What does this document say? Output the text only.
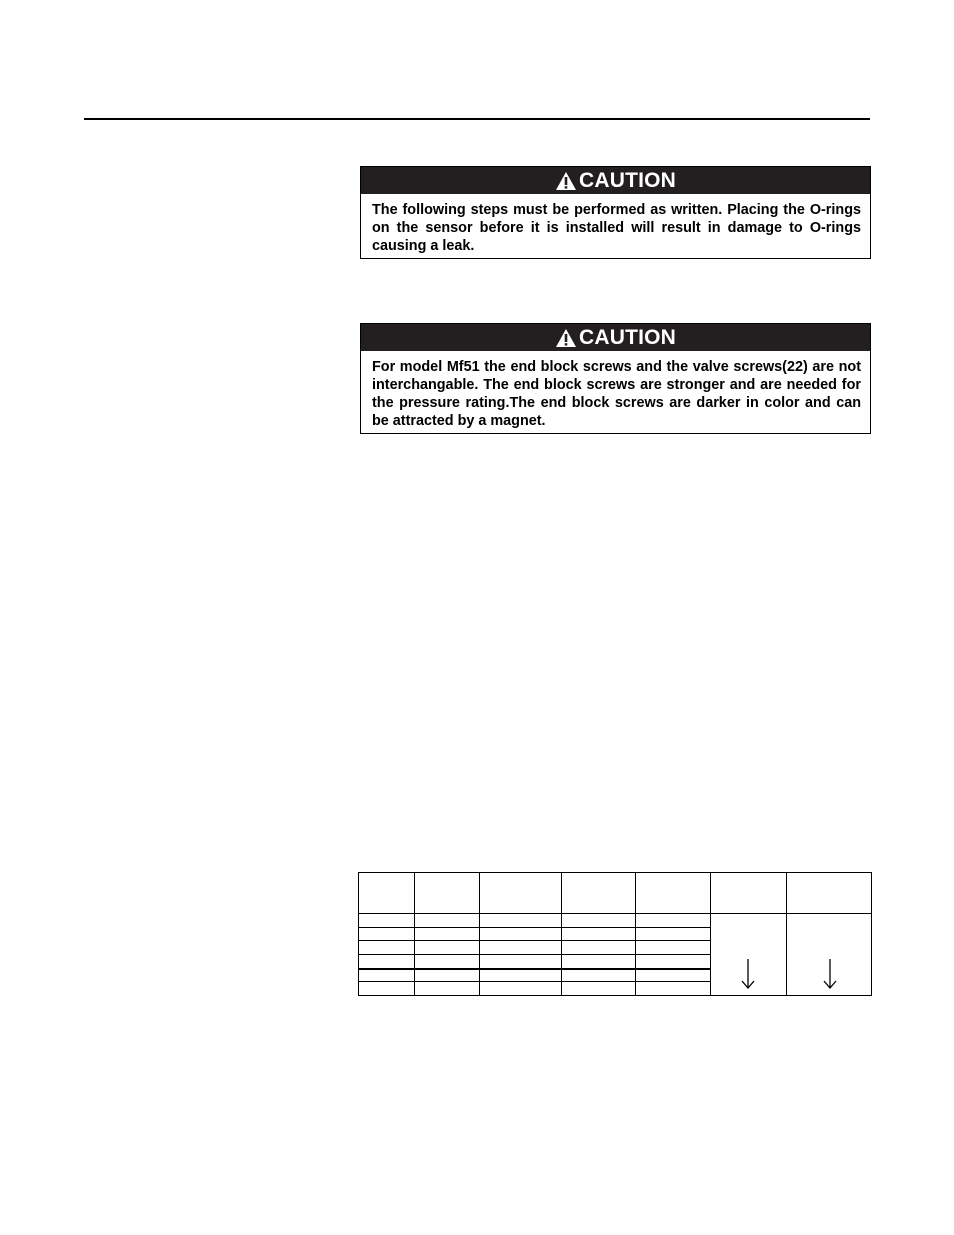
CAUTION
The following steps must be performed as written. Placing the O-rings on the sensor before it is installed will result in damage to O-rings causing a leak.
CAUTION
For model Mf51 the end block screws and the valve screws(22) are not interchangable. The end block screws are stronger and are needed for the pressure rating.The end block screws are darker in color and can be attracted by a magnet.
